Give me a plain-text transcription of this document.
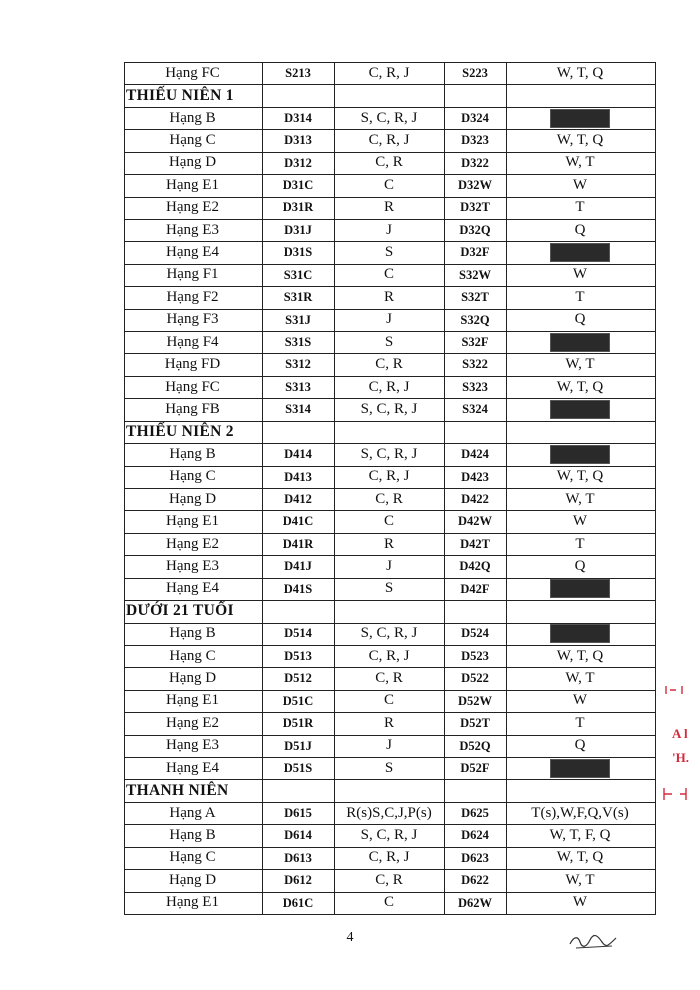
Hạng FC	S213	C, R, J	S223	W, T, Q
THIẾU NIÊN 1
Hạng B	D314	S, C, R, J	D324
Hạng C	D313	C, R, J	D323	W, T, Q
Hạng D	D312	C, R	D322	W, T
Hạng E1	D31C	C	D32W	W
Hạng E2	D31R	R	D32T	T
Hạng E3	D31J	J	D32Q	Q
Hạng E4	D31S	S	D32F
Hạng F1	S31C	C	S32W	W
Hạng F2	S31R	R	S32T	T
Hạng F3	S31J	J	S32Q	Q
Hạng F4	S31S	S	S32F
Hạng FD	S312	C, R	S322	W, T
Hạng FC	S313	C, R, J	S323	W, T, Q
Hạng FB	S314	S, C, R, J	S324
THIẾU NIÊN 2
Hạng B	D414	S, C, R, J	D424
Hạng C	D413	C, R, J	D423	W, T, Q
Hạng D	D412	C, R	D422	W, T
Hạng E1	D41C	C	D42W	W
Hạng E2	D41R	R	D42T	T
Hạng E3	D41J	J	D42Q	Q
Hạng E4	D41S	S	D42F
DƯỚI 21 TUỔI
Hạng B	D514	S, C, R, J	D524
Hạng C	D513	C, R, J	D523	W, T, Q
Hạng D	D512	C, R	D522	W, T
Hạng E1	D51C	C	D52W	W
Hạng E2	D51R	R	D52T	T
Hạng E3	D51J	J	D52Q	Q
Hạng E4	D51S	S	D52F
THANH NIÊN
Hạng A	D615	R(s)S,C,J,P(s)	D625	T(s),W,F,Q,V(s)
Hạng B	D614	S, C, R, J	D624	W, T, F, Q
Hạng C	D613	C, R, J	D623	W, T, Q
Hạng D	D612	C, R	D622	W, T
Hạng E1	D61C	C	D62W	W
4
A l
'H.
